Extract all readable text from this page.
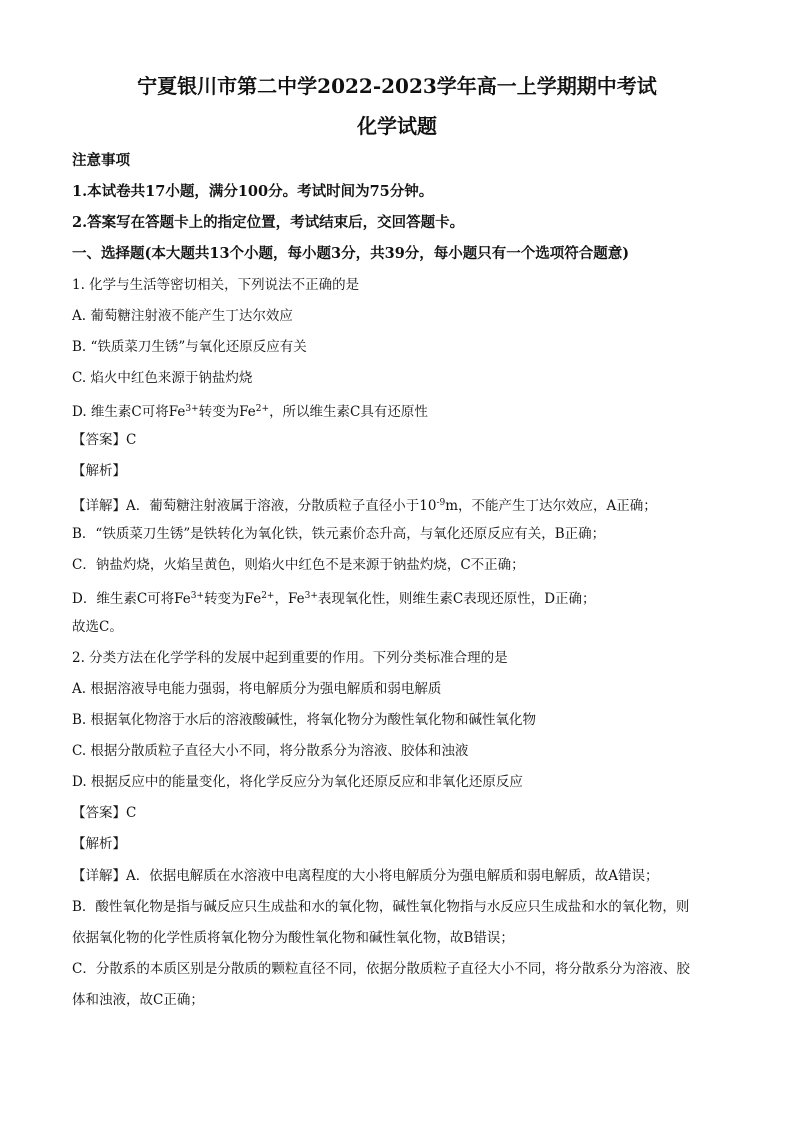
宁夏银川市第二中学2022-2023学年高一上学期期中考试
化学试题
注意事项
1.本试卷共17小题，满分100分。考试时间为75分钟。
2.答案写在答题卡上的指定位置，考试结束后，交回答题卡。
一、选择题(本大题共13个小题，每小题3分，共39分，每小题只有一个选项符合题意)
1. 化学与生活等密切相关，下列说法不正确的是
A. 葡萄糖注射液不能产生丁达尔效应
B. “铁质菜刀生锈”与氧化还原反应有关
C. 焰火中红色来源于钠盐灼烧
D. 维生素C可将$Fe^{3+}$转变为$Fe^{2+}$，所以维生素C具有还原性
【答案】C
【解析】
【详解】A．葡萄糖注射液属于溶液，分散质粒子直径小于$10^{-9}m$，不能产生丁达尔效应，A正确；
B．“铁质菜刀生锈”是铁转化为氧化铁，铁元素价态升高，与氧化还原反应有关，B正确；
C．钠盐灼烧，火焰呈黄色，则焰火中红色不是来源于钠盐灼烧，C不正确；
D．维生素C可将$Fe^{3+}$转变为$Fe^{2+}$，$Fe^{3+}$表现氧化性，则维生素C表现还原性，D正确；
故选C。
2. 分类方法在化学学科的发展中起到重要的作用。下列分类标准合理的是
A. 根据溶液导电能力强弱，将电解质分为强电解质和弱电解质
B. 根据氧化物溶于水后的溶液酸碱性，将氧化物分为酸性氧化物和碱性氧化物
C. 根据分散质粒子直径大小不同，将分散系分为溶液、胶体和浊液
D. 根据反应中的能量变化，将化学反应分为氧化还原反应和非氧化还原反应
【答案】C
【解析】
【详解】A．依据电解质在水溶液中电离程度的大小将电解质分为强电解质和弱电解质，故A错误；
B．酸性氧化物是指与碱反应只生成盐和水的氧化物，碱性氧化物指与水反应只生成盐和水的氧化物，则
依据氧化物的化学性质将氧化物分为酸性氧化物和碱性氧化物，故B错误；
C．分散系的本质区别是分散质的颗粒直径不同，依据分散质粒子直径大小不同，将分散系分为溶液、胶
体和浊液，故C正确；
